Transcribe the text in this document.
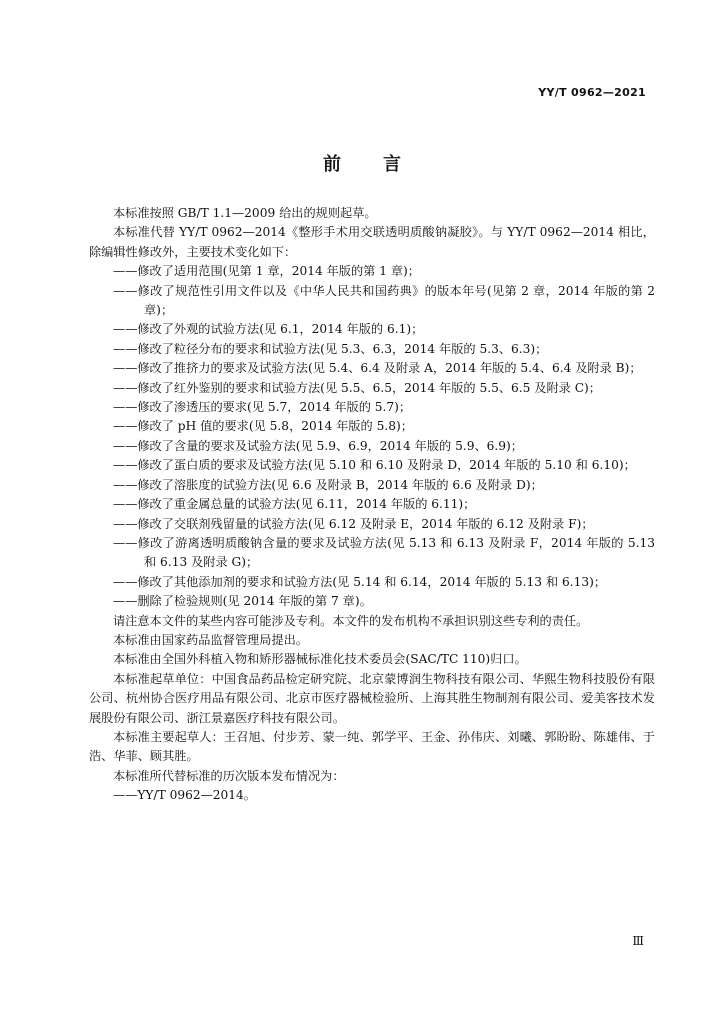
YY/T 0962—2021
前言

本标准按照 GB/T 1.1—2009 给出的规则起草。

本标准代替 YY/T 0962—2014《整形手术用交联透明质酸钠凝胶》。与 YY/T 0962—2014 相比，除编辑性修改外，主要技术变化如下：

——修改了适用范围(见第 1 章，2014 年版的第 1 章)；

——修改了规范性引用文件以及《中华人民共和国药典》的版本年号(见第 2 章，2014 年版的第 2 章)；

——修改了外观的试验方法(见 6.1，2014 年版的 6.1)；

——修改了粒径分布的要求和试验方法(见 5.3、6.3，2014 年版的 5.3、6.3)；

——修改了推挤力的要求及试验方法(见 5.4、6.4 及附录 A，2014 年版的 5.4、6.4 及附录 B)；

——修改了红外鉴别的要求和试验方法(见 5.5、6.5，2014 年版的 5.5、6.5 及附录 C)；

——修改了渗透压的要求(见 5.7，2014 年版的 5.7)；

——修改了 pH 值的要求(见 5.8，2014 年版的 5.8)；

——修改了含量的要求及试验方法(见 5.9、6.9，2014 年版的 5.9、6.9)；

——修改了蛋白质的要求及试验方法(见 5.10 和 6.10 及附录 D，2014 年版的 5.10 和 6.10)；

——修改了溶胀度的试验方法(见 6.6 及附录 B，2014 年版的 6.6 及附录 D)；

——修改了重金属总量的试验方法(见 6.11，2014 年版的 6.11)；

——修改了交联剂残留量的试验方法(见 6.12 及附录 E，2014 年版的 6.12 及附录 F)；

——修改了游离透明质酸钠含量的要求及试验方法(见 5.13 和 6.13 及附录 F，2014 年版的 5.13 和 6.13 及附录 G)；

——修改了其他添加剂的要求和试验方法(见 5.14 和 6.14，2014 年版的 5.13 和 6.13)；

——删除了检验规则(见 2014 年版的第 7 章)。

请注意本文件的某些内容可能涉及专利。本文件的发布机构不承担识别这些专利的责任。

本标准由国家药品监督管理局提出。

本标准由全国外科植入物和矫形器械标准化技术委员会(SAC/TC 110)归口。

本标准起草单位：中国食品药品检定研究院、北京蒙博润生物科技有限公司、华熙生物科技股份有限公司、杭州协合医疗用品有限公司、北京市医疗器械检验所、上海其胜生物制剂有限公司、爱美客技术发展股份有限公司、浙江景嘉医疗科技有限公司。

本标准主要起草人：王召旭、付步芳、蒙一纯、郭学平、王金、孙伟庆、刘曦、郭盼盼、陈雄伟、于浩、华菲、顾其胜。

本标准所代替标准的历次版本发布情况为：

——YY/T 0962—2014。

Ⅲ
